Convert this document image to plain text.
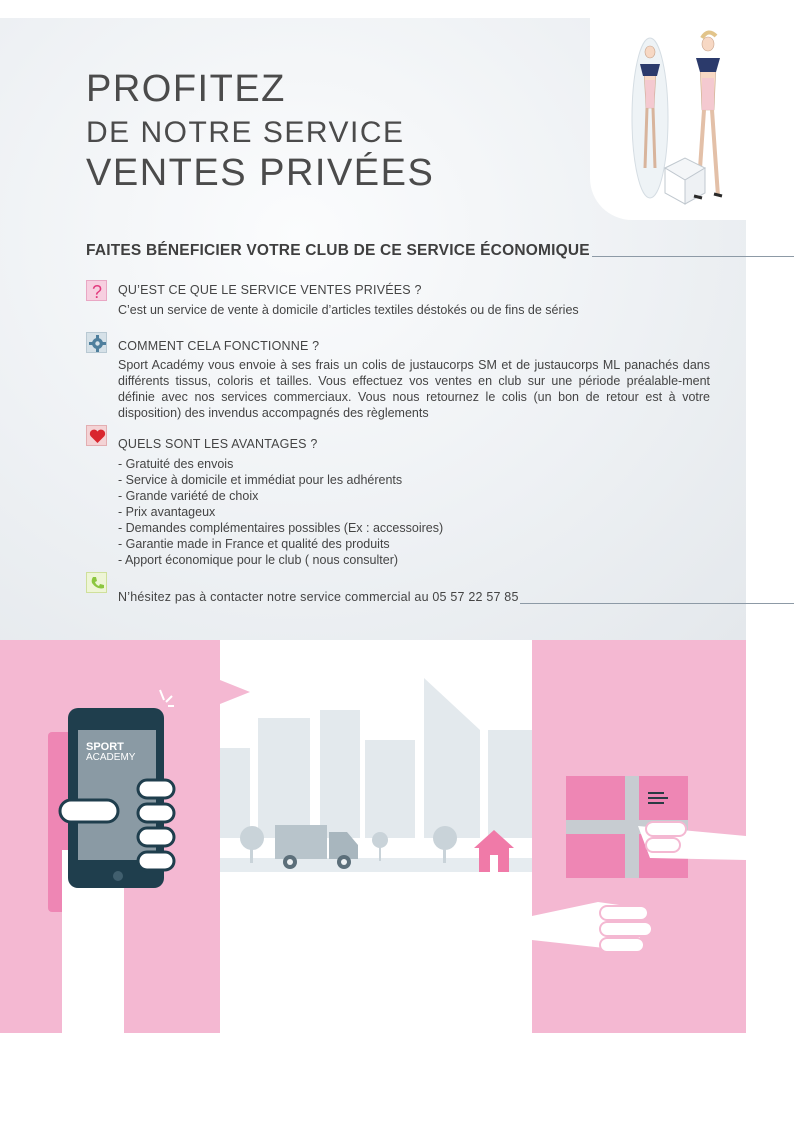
PROFITEZ
DE NOTRE SERVICE
VENTES PRIVÉES
FAITES BÉNEFICIER VOTRE CLUB DE CE SERVICE ÉCONOMIQUE
? QU’EST CE QUE LE SERVICE VENTES PRIVÉES ?
C’est un service de vente à domicile d’articles textiles déstokés ou de fins de séries
COMMENT CELA FONCTIONNE ?
Sport Académy vous envoie à ses frais un colis de justaucorps SM et de justaucorps ML panachés dans différents tissus, coloris et tailles. Vous effectuez vos ventes en club sur une période préalable-ment définie avec nos services commerciaux. Vous nous retournez le colis (un bon de retour est à votre disposition) des invendus accompagnés des règlements
QUELS SONT LES AVANTAGES ?
- Gratuité des envois
- Service à domicile et immédiat pour les adhérents
- Grande variété de choix
- Prix avantageux
- Demandes complémentaires possibles (Ex : accessoires)
- Garantie made in France et qualité des produits
- Apport économique pour le club ( nous consulter)
N’hésitez pas à contacter notre service commercial au 05 57 22 57 85
SPORT
ACADEMY
